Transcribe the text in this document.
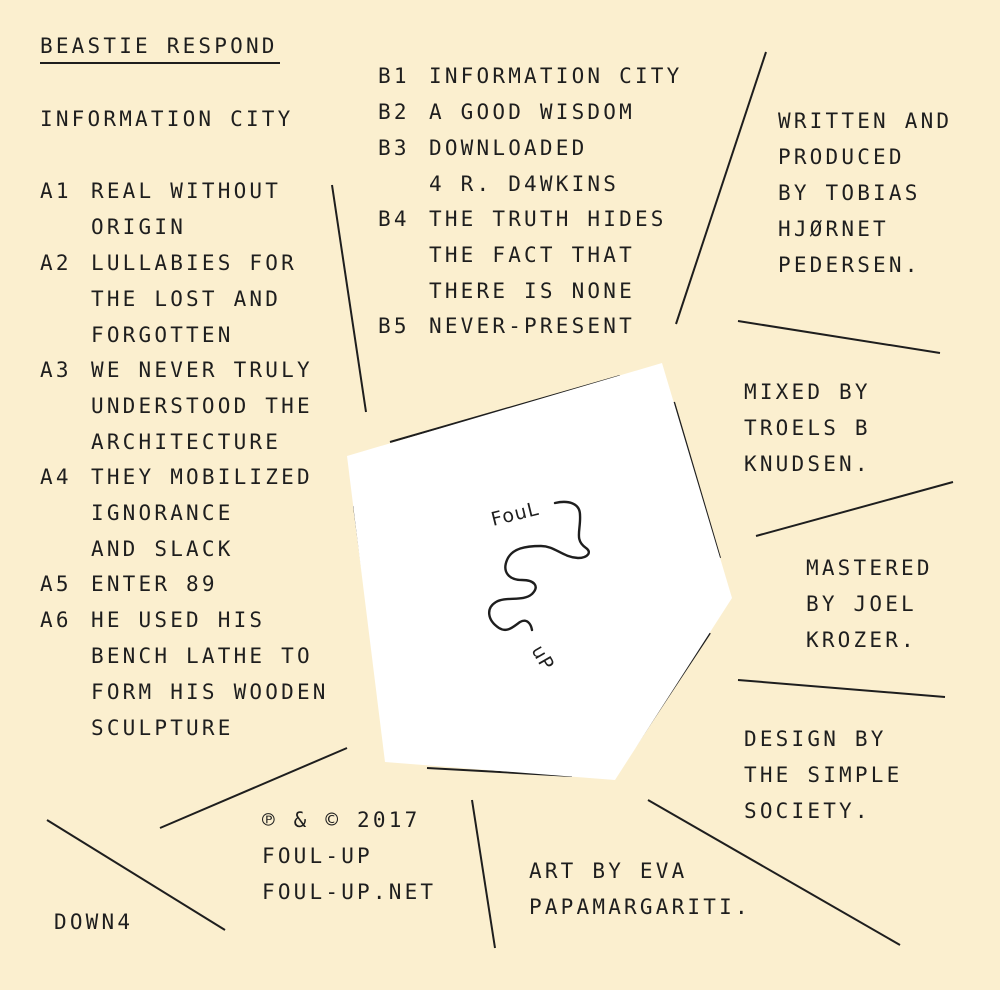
FouL
uP
BEASTIE RESPOND
INFORMATION CITY
A1 REAL WITHOUT
ORIGIN
A2 LULLABIES FOR
THE LOST AND
FORGOTTEN
A3 WE NEVER TRULY
UNDERSTOOD THE
ARCHITECTURE
A4 THEY MOBILIZED
IGNORANCE
AND SLACK
A5 ENTER 89
A6 HE USED HIS
BENCH LATHE TO
FORM HIS WOODEN
SCULPTURE
B1 INFORMATION CITY
B2 A GOOD WISDOM
B3 DOWNLOADED
4 R. D4WKINS
B4 THE TRUTH HIDES
THE FACT THAT
THERE IS NONE
B5 NEVER-PRESENT
WRITTEN AND
PRODUCED
BY TOBIAS
HJØRNET
PEDERSEN.
MIXED BY
TROELS B
KNUDSEN.
MASTERED
BY JOEL
KROZER.
DESIGN BY
THE SIMPLE
SOCIETY.
ART BY EVA
PAPAMARGARITI.
℗ & © 2017
FOUL-UP
FOUL-UP.NET
DOWN4
